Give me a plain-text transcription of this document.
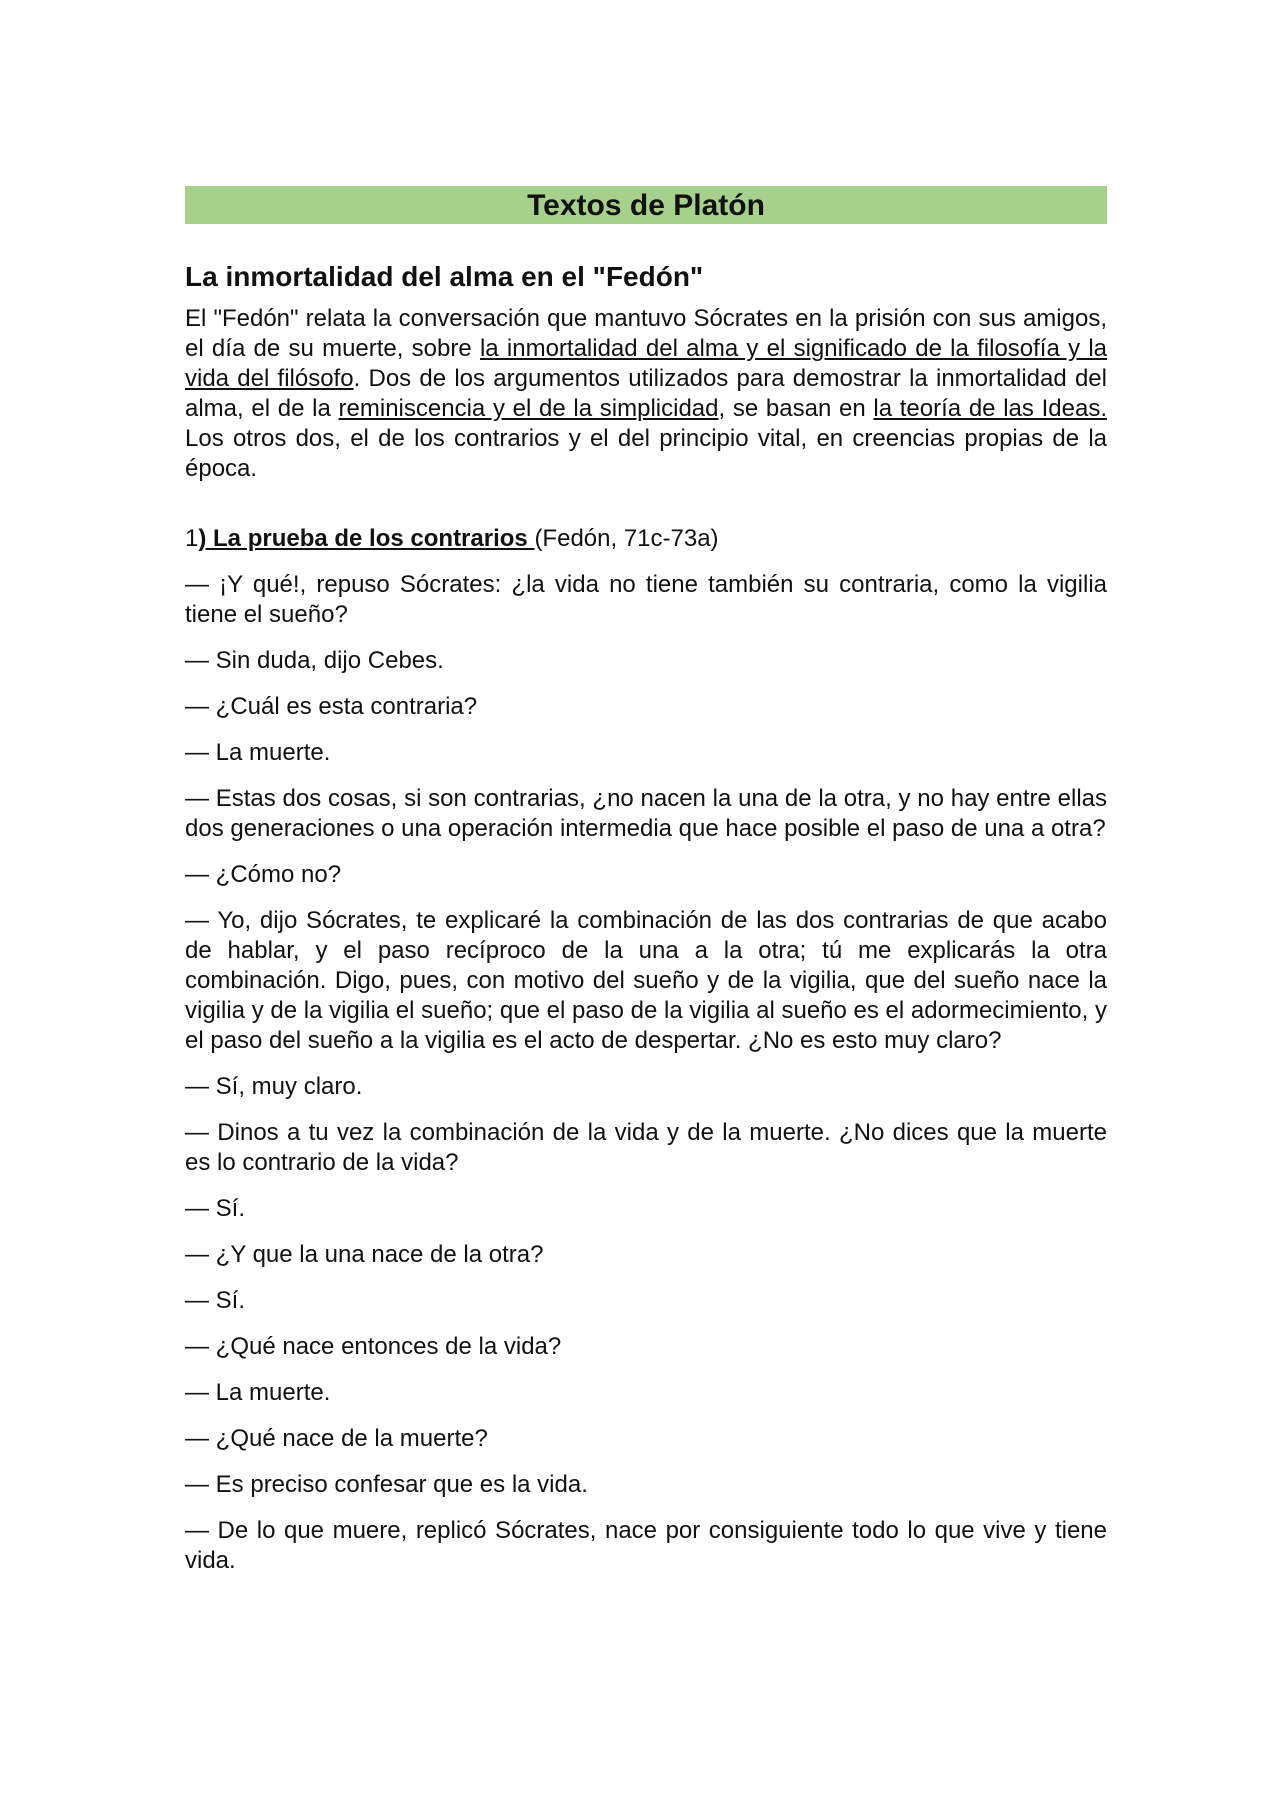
Textos de Platón
La inmortalidad del alma en el "Fedón"

El "Fedón" relata la conversación que mantuvo Sócrates en la prisión con sus amigos, el día de su muerte, sobre la inmortalidad del alma y el significado de la filosofía y la vida del filósofo. Dos de los argumentos utilizados para demostrar la inmortalidad del alma, el de la reminiscencia y el de la simplicidad, se basan en la teoría de las Ideas. Los otros dos, el de los contrarios y el del principio vital, en creencias propias de la época.

1) La prueba de los contrarios (Fedón, 71c-73a)

— ¡Y qué!, repuso Sócrates: ¿la vida no tiene también su contraria, como la vigilia tiene el sueño?

— Sin duda, dijo Cebes.

— ¿Cuál es esta contraria?

— La muerte.

— Estas dos cosas, si son contrarias, ¿no nacen la una de la otra, y no hay entre ellas dos generaciones o una operación intermedia que hace posible el paso de una a otra?

— ¿Cómo no?

— Yo, dijo Sócrates, te explicaré la combinación de las dos contrarias de que acabo de hablar, y el paso recíproco de la una a la otra; tú me explicarás la otra combinación. Digo, pues, con motivo del sueño y de la vigilia, que del sueño nace la vigilia y de la vigilia el sueño; que el paso de la vigilia al sueño es el adormecimiento, y el paso del sueño a la vigilia es el acto de despertar. ¿No es esto muy claro?

— Sí, muy claro.

— Dinos a tu vez la combinación de la vida y de la muerte. ¿No dices que la muerte es lo contrario de la vida?

— Sí.

— ¿Y que la una nace de la otra?

— Sí.

— ¿Qué nace entonces de la vida?

— La muerte.

— ¿Qué nace de la muerte?

— Es preciso confesar que es la vida.

— De lo que muere, replicó Sócrates, nace por consiguiente todo lo que vive y tiene vida.
